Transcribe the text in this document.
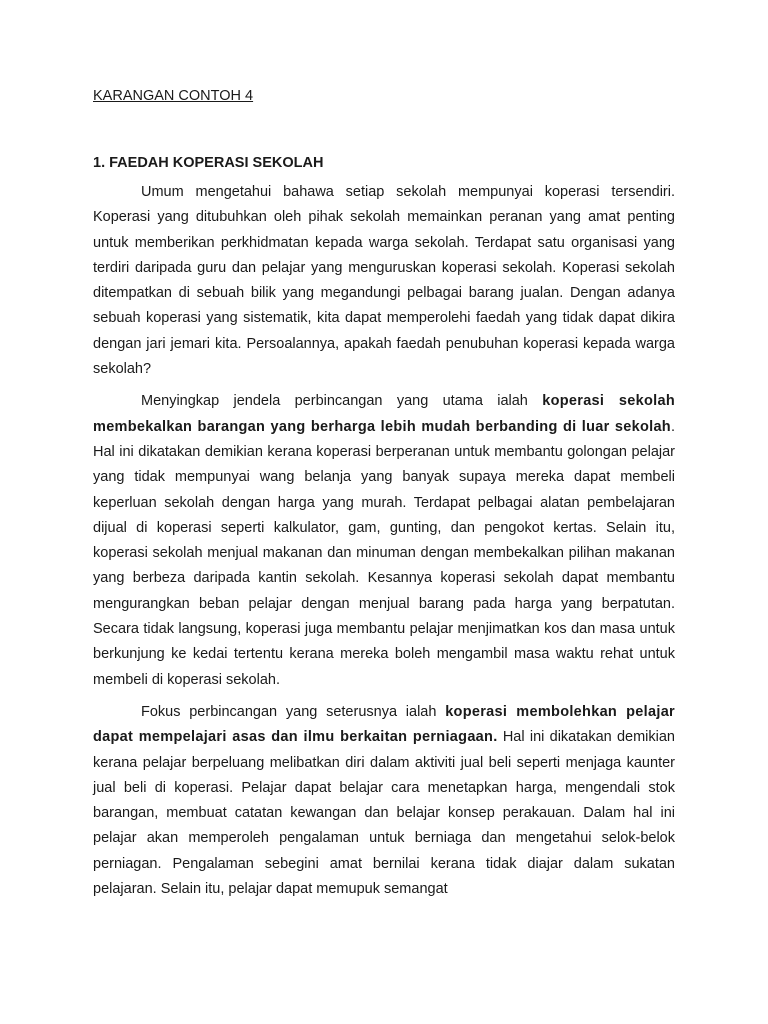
KARANGAN CONTOH 4

1. FAEDAH KOPERASI SEKOLAH

Umum mengetahui bahawa setiap sekolah mempunyai koperasi tersendiri. Koperasi yang ditubuhkan oleh pihak sekolah memainkan peranan yang amat penting untuk memberikan perkhidmatan kepada warga sekolah. Terdapat satu organisasi yang terdiri daripada guru dan pelajar yang menguruskan koperasi sekolah. Koperasi sekolah ditempatkan di sebuah bilik yang megandungi pelbagai barang jualan. Dengan adanya sebuah koperasi yang sistematik, kita dapat memperolehi faedah yang tidak dapat dikira dengan jari jemari kita. Persoalannya, apakah faedah penubuhan koperasi kepada warga sekolah?

Menyingkap jendela perbincangan yang utama ialah koperasi sekolah membekalkan barangan yang berharga lebih mudah berbanding di luar sekolah. Hal ini dikatakan demikian kerana koperasi berperanan untuk membantu golongan pelajar yang tidak mempunyai wang belanja yang banyak supaya mereka dapat membeli keperluan sekolah dengan harga yang murah. Terdapat pelbagai alatan pembelajaran dijual di koperasi seperti kalkulator, gam, gunting, dan pengokot kertas. Selain itu, koperasi sekolah menjual makanan dan minuman dengan membekalkan pilihan makanan yang berbeza daripada kantin sekolah. Kesannya koperasi sekolah dapat membantu mengurangkan beban pelajar dengan menjual barang pada harga yang berpatutan. Secara tidak langsung, koperasi juga membantu pelajar menjimatkan kos dan masa untuk berkunjung ke kedai tertentu kerana mereka boleh mengambil masa waktu rehat untuk membeli di koperasi sekolah.

Fokus perbincangan yang seterusnya ialah koperasi membolehkan pelajar dapat mempelajari asas dan ilmu berkaitan perniagaan. Hal ini dikatakan demikian kerana pelajar berpeluang melibatkan diri dalam aktiviti jual beli seperti menjaga kaunter jual beli di koperasi. Pelajar dapat belajar cara menetapkan harga, mengendali stok barangan, membuat catatan kewangan dan belajar konsep perakauan. Dalam hal ini pelajar akan memperoleh pengalaman untuk berniaga dan mengetahui selok-belok perniagan. Pengalaman sebegini amat bernilai kerana tidak diajar dalam sukatan pelajaran. Selain itu, pelajar dapat memupuk semangat
